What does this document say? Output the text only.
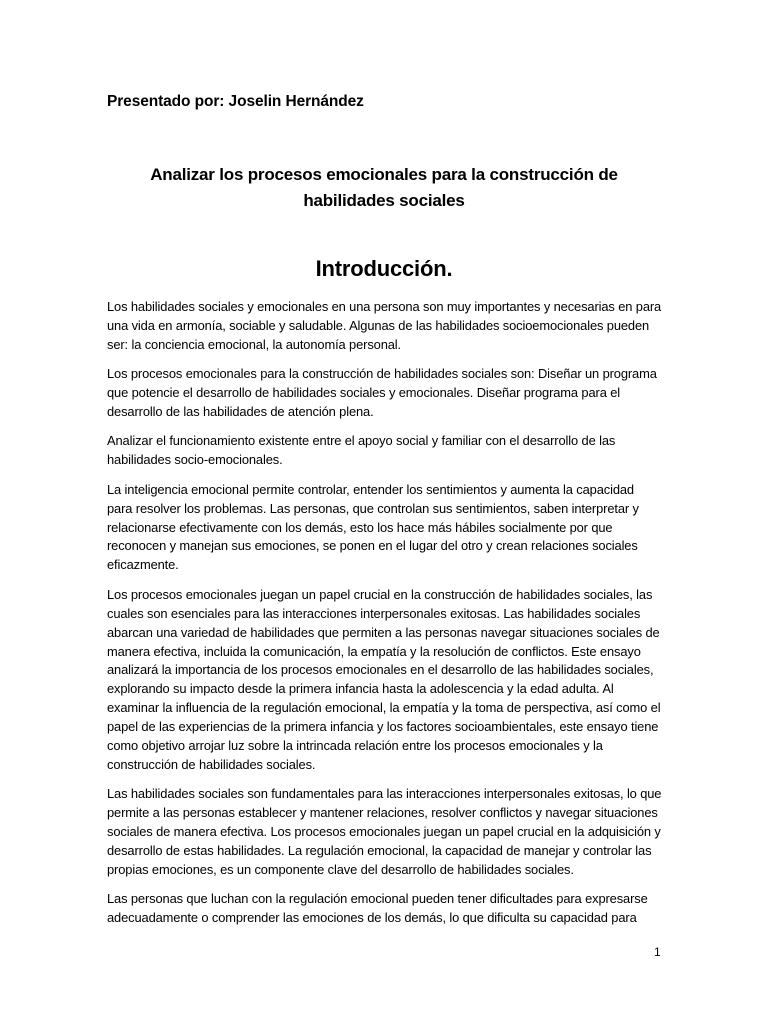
Presentado por: Joselin Hernández
Analizar los procesos emocionales para la construcción de
habilidades sociales
Introducción.

Los habilidades sociales y emocionales en una persona son muy importantes y necesarias en para
una vida en armonía, sociable y saludable. Algunas de las habilidades socioemocionales pueden
ser: la conciencia emocional, la autonomía personal.

Los procesos emocionales para la construcción de habilidades sociales son: Diseñar un programa
que potencie el desarrollo de habilidades sociales y emocionales. Diseñar programa para el
desarrollo de las habilidades de atención plena.

Analizar el funcionamiento existente entre el apoyo social y familiar con el desarrollo de las
habilidades socio-emocionales.

La inteligencia emocional permite controlar, entender los sentimientos y aumenta la capacidad
para resolver los problemas. Las personas, que controlan sus sentimientos, saben interpretar y
relacionarse efectivamente con los demás, esto los hace más hábiles socialmente por que
reconocen y manejan sus emociones, se ponen en el lugar del otro y crean relaciones sociales
eficazmente.

Los procesos emocionales juegan un papel crucial en la construcción de habilidades sociales, las
cuales son esenciales para las interacciones interpersonales exitosas. Las habilidades sociales
abarcan una variedad de habilidades que permiten a las personas navegar situaciones sociales de
manera efectiva, incluida la comunicación, la empatía y la resolución de conflictos. Este ensayo
analizará la importancia de los procesos emocionales en el desarrollo de las habilidades sociales,
explorando su impacto desde la primera infancia hasta la adolescencia y la edad adulta. Al
examinar la influencia de la regulación emocional, la empatía y la toma de perspectiva, así como el
papel de las experiencias de la primera infancia y los factores socioambientales, este ensayo tiene
como objetivo arrojar luz sobre la intrincada relación entre los procesos emocionales y la
construcción de habilidades sociales.

Las habilidades sociales son fundamentales para las interacciones interpersonales exitosas, lo que
permite a las personas establecer y mantener relaciones, resolver conflictos y navegar situaciones
sociales de manera efectiva. Los procesos emocionales juegan un papel crucial en la adquisición y
desarrollo de estas habilidades. La regulación emocional, la capacidad de manejar y controlar las
propias emociones, es un componente clave del desarrollo de habilidades sociales.

Las personas que luchan con la regulación emocional pueden tener dificultades para expresarse
adecuadamente o comprender las emociones de los demás, lo que dificulta su capacidad para

1
